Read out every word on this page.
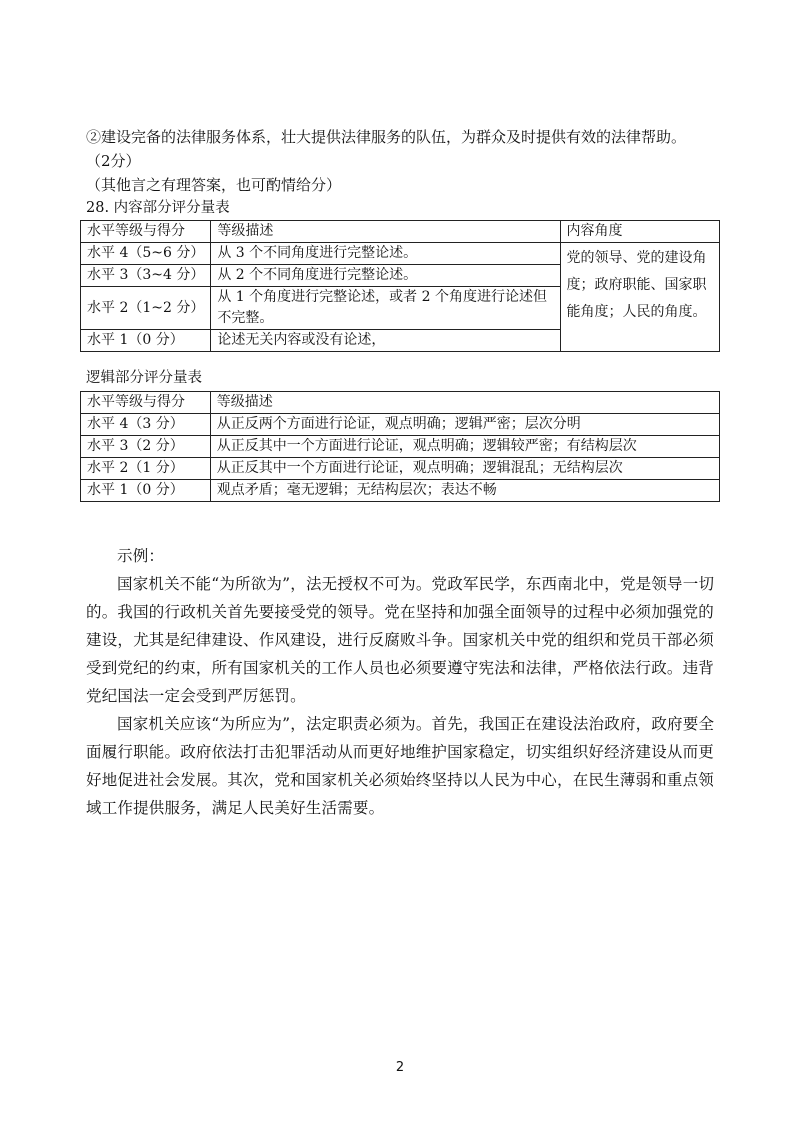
②建设完备的法律服务体系，壮大提供法律服务的队伍，为群众及时提供有效的法律帮助。
（2分）
（其他言之有理答案，也可酌情给分）
28. 内容部分评分量表
水平等级与得分	等级描述	内容角度
水平 4（5~6 分）	从 3 个不同角度进行完整论述。	党的领导、党的建设角度；政府职能、国家职能角度；人民的角度。
水平 3（3~4 分）	从 2 个不同角度进行完整论述。	
水平 2（1~2 分）	从 1 个角度进行完整论述，或者 2 个角度进行论述但不完整。	
水平 1（0 分）	论述无关内容或没有论述，	
逻辑部分评分量表
水平等级与得分	等级描述
水平 4（3 分）	从正反两个方面进行论证，观点明确；逻辑严密；层次分明
水平 3（2 分）	从正反其中一个方面进行论证，观点明确；逻辑较严密；有结构层次
水平 2（1 分）	从正反其中一个方面进行论证，观点明确；逻辑混乱；无结构层次
水平 1（0 分）	观点矛盾；毫无逻辑；无结构层次；表达不畅

示例：

国家机关不能“为所欲为”，法无授权不可为。党政军民学，东西南北中，党是领导一切的。我国的行政机关首先要接受党的领导。党在坚持和加强全面领导的过程中必须加强党的建设，尤其是纪律建设、作风建设，进行反腐败斗争。国家机关中党的组织和党员干部必须受到党纪的约束，所有国家机关的工作人员也必须要遵守宪法和法律，严格依法行政。违背党纪国法一定会受到严厉惩罚。

国家机关应该“为所应为”，法定职责必须为。首先，我国正在建设法治政府，政府要全面履行职能。政府依法打击犯罪活动从而更好地维护国家稳定，切实组织好经济建设从而更好地促进社会发展。其次，党和国家机关必须始终坚持以人民为中心，在民生薄弱和重点领域工作提供服务，满足人民美好生活需要。

2
